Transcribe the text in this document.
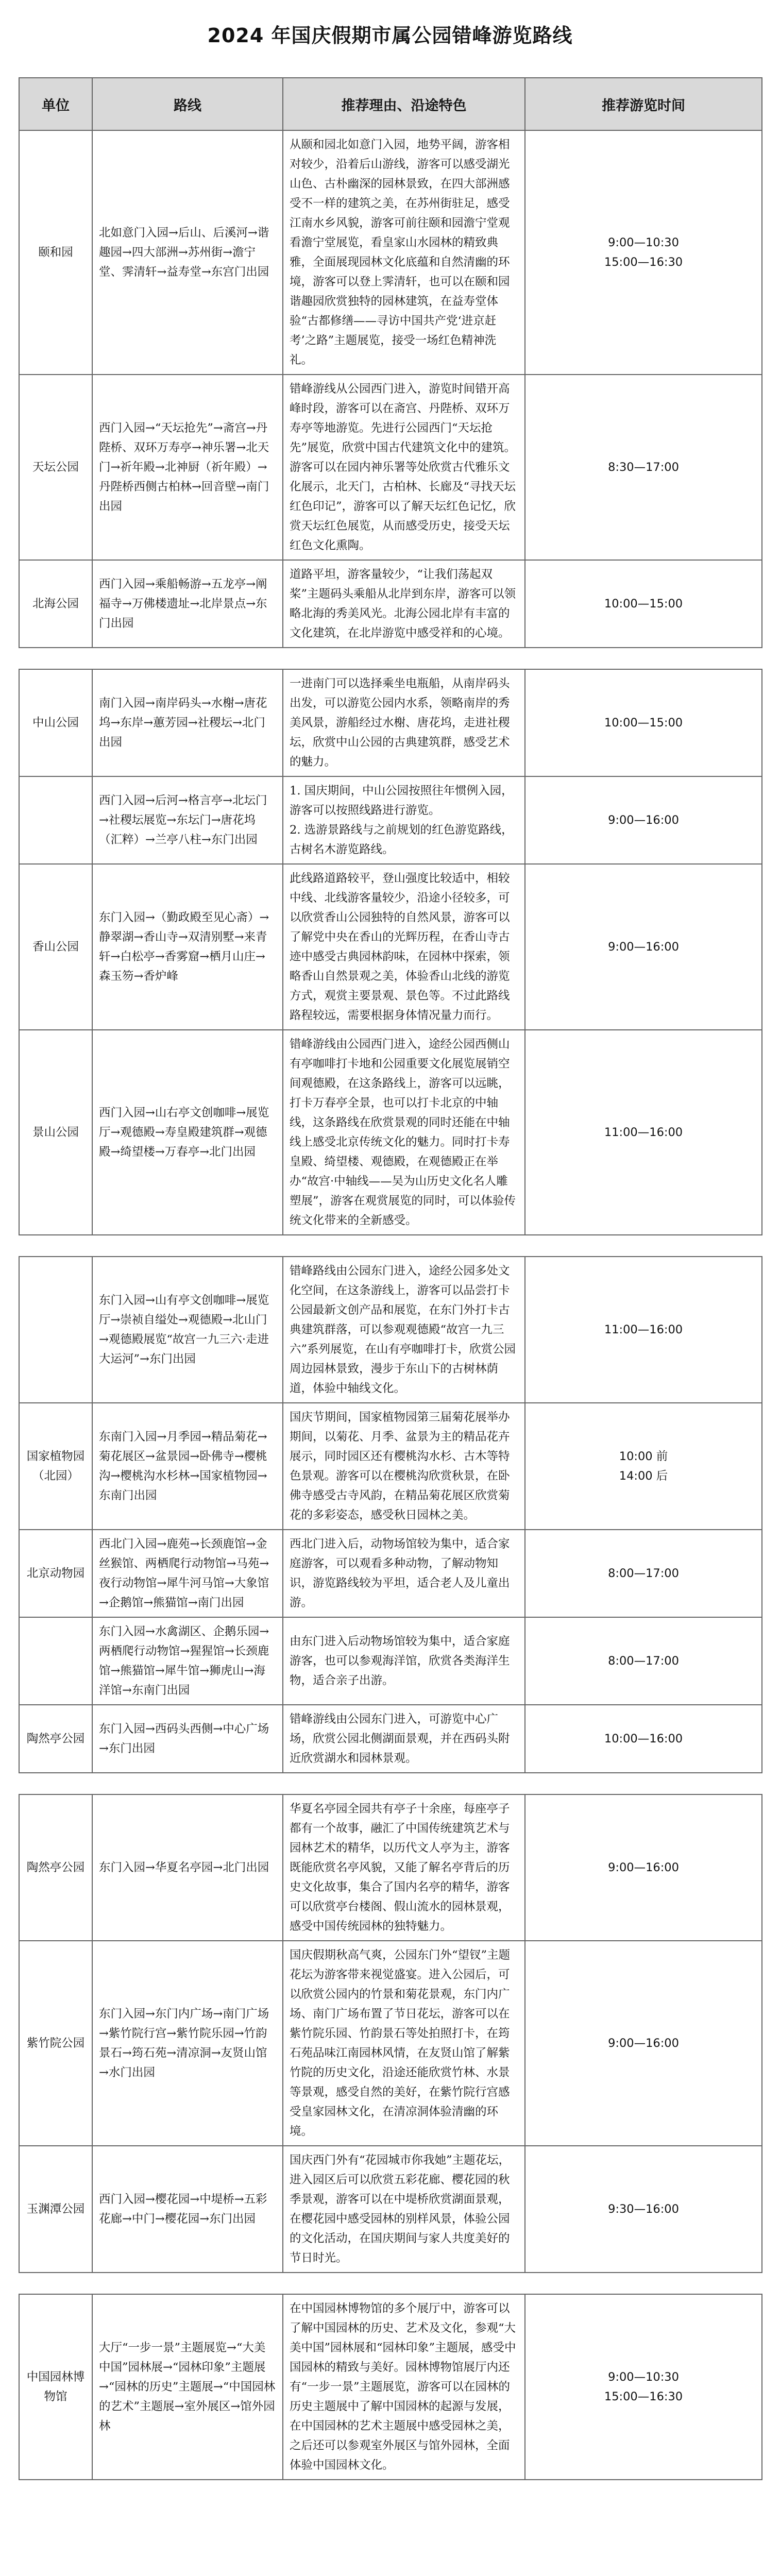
2024 年国庆假期市属公园错峰游览路线
单位	路线	推荐理由、沿途特色	推荐游览时间
颐和园	北如意门入园→后山、后溪河→谐趣园→四大部洲→苏州街→澹宁堂、霁清轩→益寿堂→东宫门出园	从颐和园北如意门入园，地势平阔，游客相对较少，沿着后山游线，游客可以感受湖光山色、古朴幽深的园林景致，在四大部洲感受不一样的建筑之美，在苏州街驻足，感受江南水乡风貌，游客可前往颐和园澹宁堂观看澹宁堂展览，看皇家山水园林的精致典雅，全面展现园林文化底蕴和自然清幽的环境，游客可以登上霁清轩，也可以在颐和园谐趣园欣赏独特的园林建筑，在益寿堂体验“古都修缮——寻访中国共产党‘进京赶考’之路”主题展览，接受一场红色精神洗礼。	9:00—10:30
15:00—16:30
天坛公园	西门入园→“天坛抢先”→斋宫→丹陛桥、双环万寿亭→神乐署→北天门→祈年殿→北神厨（祈年殿）→丹陛桥西侧古柏林→回音壁→南门出园	错峰游线从公园西门进入，游览时间错开高峰时段，游客可以在斋宫、丹陛桥、双环万寿亭等地游览。先进行公园西门“天坛抢先”展览，欣赏中国古代建筑文化中的建筑。游客可以在园内神乐署等处欣赏古代雅乐文化展示，北天门，古柏林、长廊及“寻找天坛红色印记”，游客可以了解天坛红色记忆，欣赏天坛红色展览，从而感受历史，接受天坛红色文化熏陶。	8:30—17:00
北海公园	西门入园→乘船畅游→五龙亭→阐福寺→万佛楼遗址→北岸景点→东门出园	道路平坦，游客量较少，“让我们荡起双桨”主题码头乘船从北岸到东岸，游客可以领略北海的秀美风光。北海公园北岸有丰富的文化建筑，在北岸游览中感受祥和的心境。	10:00—15:00

中山公园	南门入园→南岸码头→水榭→唐花坞→东岸→蕙芳园→社稷坛→北门出园	一进南门可以选择乘坐电瓶船，从南岸码头出发，可以游览公园内水系，领略南岸的秀美风景，游船经过水榭、唐花坞，走进社稷坛，欣赏中山公园的古典建筑群，感受艺术的魅力。	10:00—15:00
	西门入园→后河→格言亭→北坛门→社稷坛展览→东坛门→唐花坞（汇粹）→兰亭八柱→东门出园	1. 国庆期间，中山公园按照往年惯例入园，游客可以按照线路进行游览。
2. 选游景路线与之前规划的红色游览路线，古树名木游览路线。	9:00—16:00
香山公园	东门入园→（勤政殿至见心斋）→静翠湖→香山寺→双清别墅→来青轩→白松亭→香雾窟→栖月山庄→森玉笏→香炉峰	此线路道路较平，登山强度比较适中，相较中线、北线游客量较少，沿途小径较多，可以欣赏香山公园独特的自然风景，游客可以了解党中央在香山的光辉历程，在香山寺古迹中感受古典园林韵味，在园林中探索，领略香山自然景观之美，体验香山北线的游览方式，观赏主要景观、景色等。不过此路线路程较远，需要根据身体情况量力而行。	9:00—16:00
景山公园	西门入园→山右亭文创咖啡→展览厅→观德殿→寿皇殿建筑群→观德殿→绮望楼→万春亭→北门出园	错峰游线由公园西门进入，途经公园西侧山有亭咖啡打卡地和公园重要文化展览展销空间观德殿，在这条路线上，游客可以远眺，打卡万春亭全景，也可以打卡北京的中轴线，这条路线在欣赏景观的同时还能在中轴线上感受北京传统文化的魅力。同时打卡寿皇殿、绮望楼、观德殿，在观德殿正在举办“故宫·中轴线——吴为山历史文化名人雕塑展”，游客在观赏展览的同时，可以体验传统文化带来的全新感受。	11:00—16:00

	东门入园→山有亭文创咖啡→展览厅→崇祯自缢处→观德殿→北山门→观德殿展览“故宫一九三六·走进大运河”→东门出园	错峰路线由公园东门进入，途经公园多处文化空间，在这条游线上，游客可以品尝打卡公园最新文创产品和展览，在东门外打卡古典建筑群落，可以参观观德殿“故宫一九三六”系列展览，在山有亭咖啡打卡，欣赏公园周边园林景致，漫步于东山下的古树林荫道，体验中轴线文化。	11:00—16:00
国家植物园（北园）	东南门入园→月季园→精品菊花→菊花展区→盆景园→卧佛寺→樱桃沟→樱桃沟水杉林→国家植物园→东南门出园	国庆节期间，国家植物园第三届菊花展举办期间，以菊花、月季、盆景为主的精品花卉展示，同时园区还有樱桃沟水杉、古木等特色景观。游客可以在樱桃沟欣赏秋景，在卧佛寺感受古寺风韵，在精品菊花展区欣赏菊花的多彩姿态，感受秋日园林之美。	10:00 前
14:00 后
北京动物园	西北门入园→鹿苑→长颈鹿馆→金丝猴馆、两栖爬行动物馆→马苑→夜行动物馆→犀牛河马馆→大象馆→企鹅馆→熊猫馆→南门出园	西北门进入后，动物场馆较为集中，适合家庭游客，可以观看多种动物，了解动物知识，游览路线较为平坦，适合老人及儿童出游。	8:00—17:00
	东门入园→水禽湖区、企鹅乐园→两栖爬行动物馆→猩猩馆→长颈鹿馆→熊猫馆→犀牛馆→狮虎山→海洋馆→东南门出园	由东门进入后动物场馆较为集中，适合家庭游客，也可以参观海洋馆，欣赏各类海洋生物，适合亲子出游。	8:00—17:00
陶然亭公园	东门入园→西码头西侧→中心广场→东门出园	错峰游线由公园东门进入，可游览中心广场，欣赏公园北侧湖面景观，并在西码头附近欣赏湖水和园林景观。	10:00—16:00

陶然亭公园	东门入园→华夏名亭园→北门出园	华夏名亭园全园共有亭子十余座，每座亭子都有一个故事，融汇了中国传统建筑艺术与园林艺术的精华，以历代文人亭为主，游客既能欣赏名亭风貌，又能了解名亭背后的历史文化故事，集合了国内名亭的精华，游客可以欣赏亭台楼阁、假山流水的园林景观，感受中国传统园林的独特魅力。	9:00—16:00
紫竹院公园	东门入园→东门内广场→南门广场→紫竹院行宫→紫竹院乐园→竹韵景石→筠石苑→清凉洞→友贤山馆→水门出园	国庆假期秋高气爽，公园东门外“望钗”主题花坛为游客带来视觉盛宴。进入公园后，可以欣赏公园内的竹景和菊花景观，东门内广场、南门广场布置了节日花坛，游客可以在紫竹院乐园、竹韵景石等处拍照打卡，在筠石苑品味江南园林风情，在友贤山馆了解紫竹院的历史文化，沿途还能欣赏竹林、水景等景观，感受自然的美好，在紫竹院行宫感受皇家园林文化，在清凉洞体验清幽的环境。	9:00—16:00
玉渊潭公园	西门入园→樱花园→中堤桥→五彩花廊→中门→樱花园→东门出园	国庆西门外有“花园城市你我她”主题花坛，进入园区后可以欣赏五彩花廊、樱花园的秋季景观，游客可以在中堤桥欣赏湖面景观，在樱花园中感受园林的别样风景，体验公园的文化活动，在国庆期间与家人共度美好的节日时光。	9:30—16:00

中国园林博物馆	大厅“一步一景”主题展览→“大美中国”园林展→“园林印象”主题展→“园林的历史”主题展→“中国园林的艺术”主题展→室外展区→馆外园林	在中国园林博物馆的多个展厅中，游客可以了解中国园林的历史、艺术及文化，参观“大美中国”园林展和“园林印象”主题展，感受中国园林的精致与美好。园林博物馆展厅内还有“一步一景”主题展览，游客可以在园林的历史主题展中了解中国园林的起源与发展，在中国园林的艺术主题展中感受园林之美，之后还可以参观室外展区与馆外园林，全面体验中国园林文化。	9:00—10:30
15:00—16:30
